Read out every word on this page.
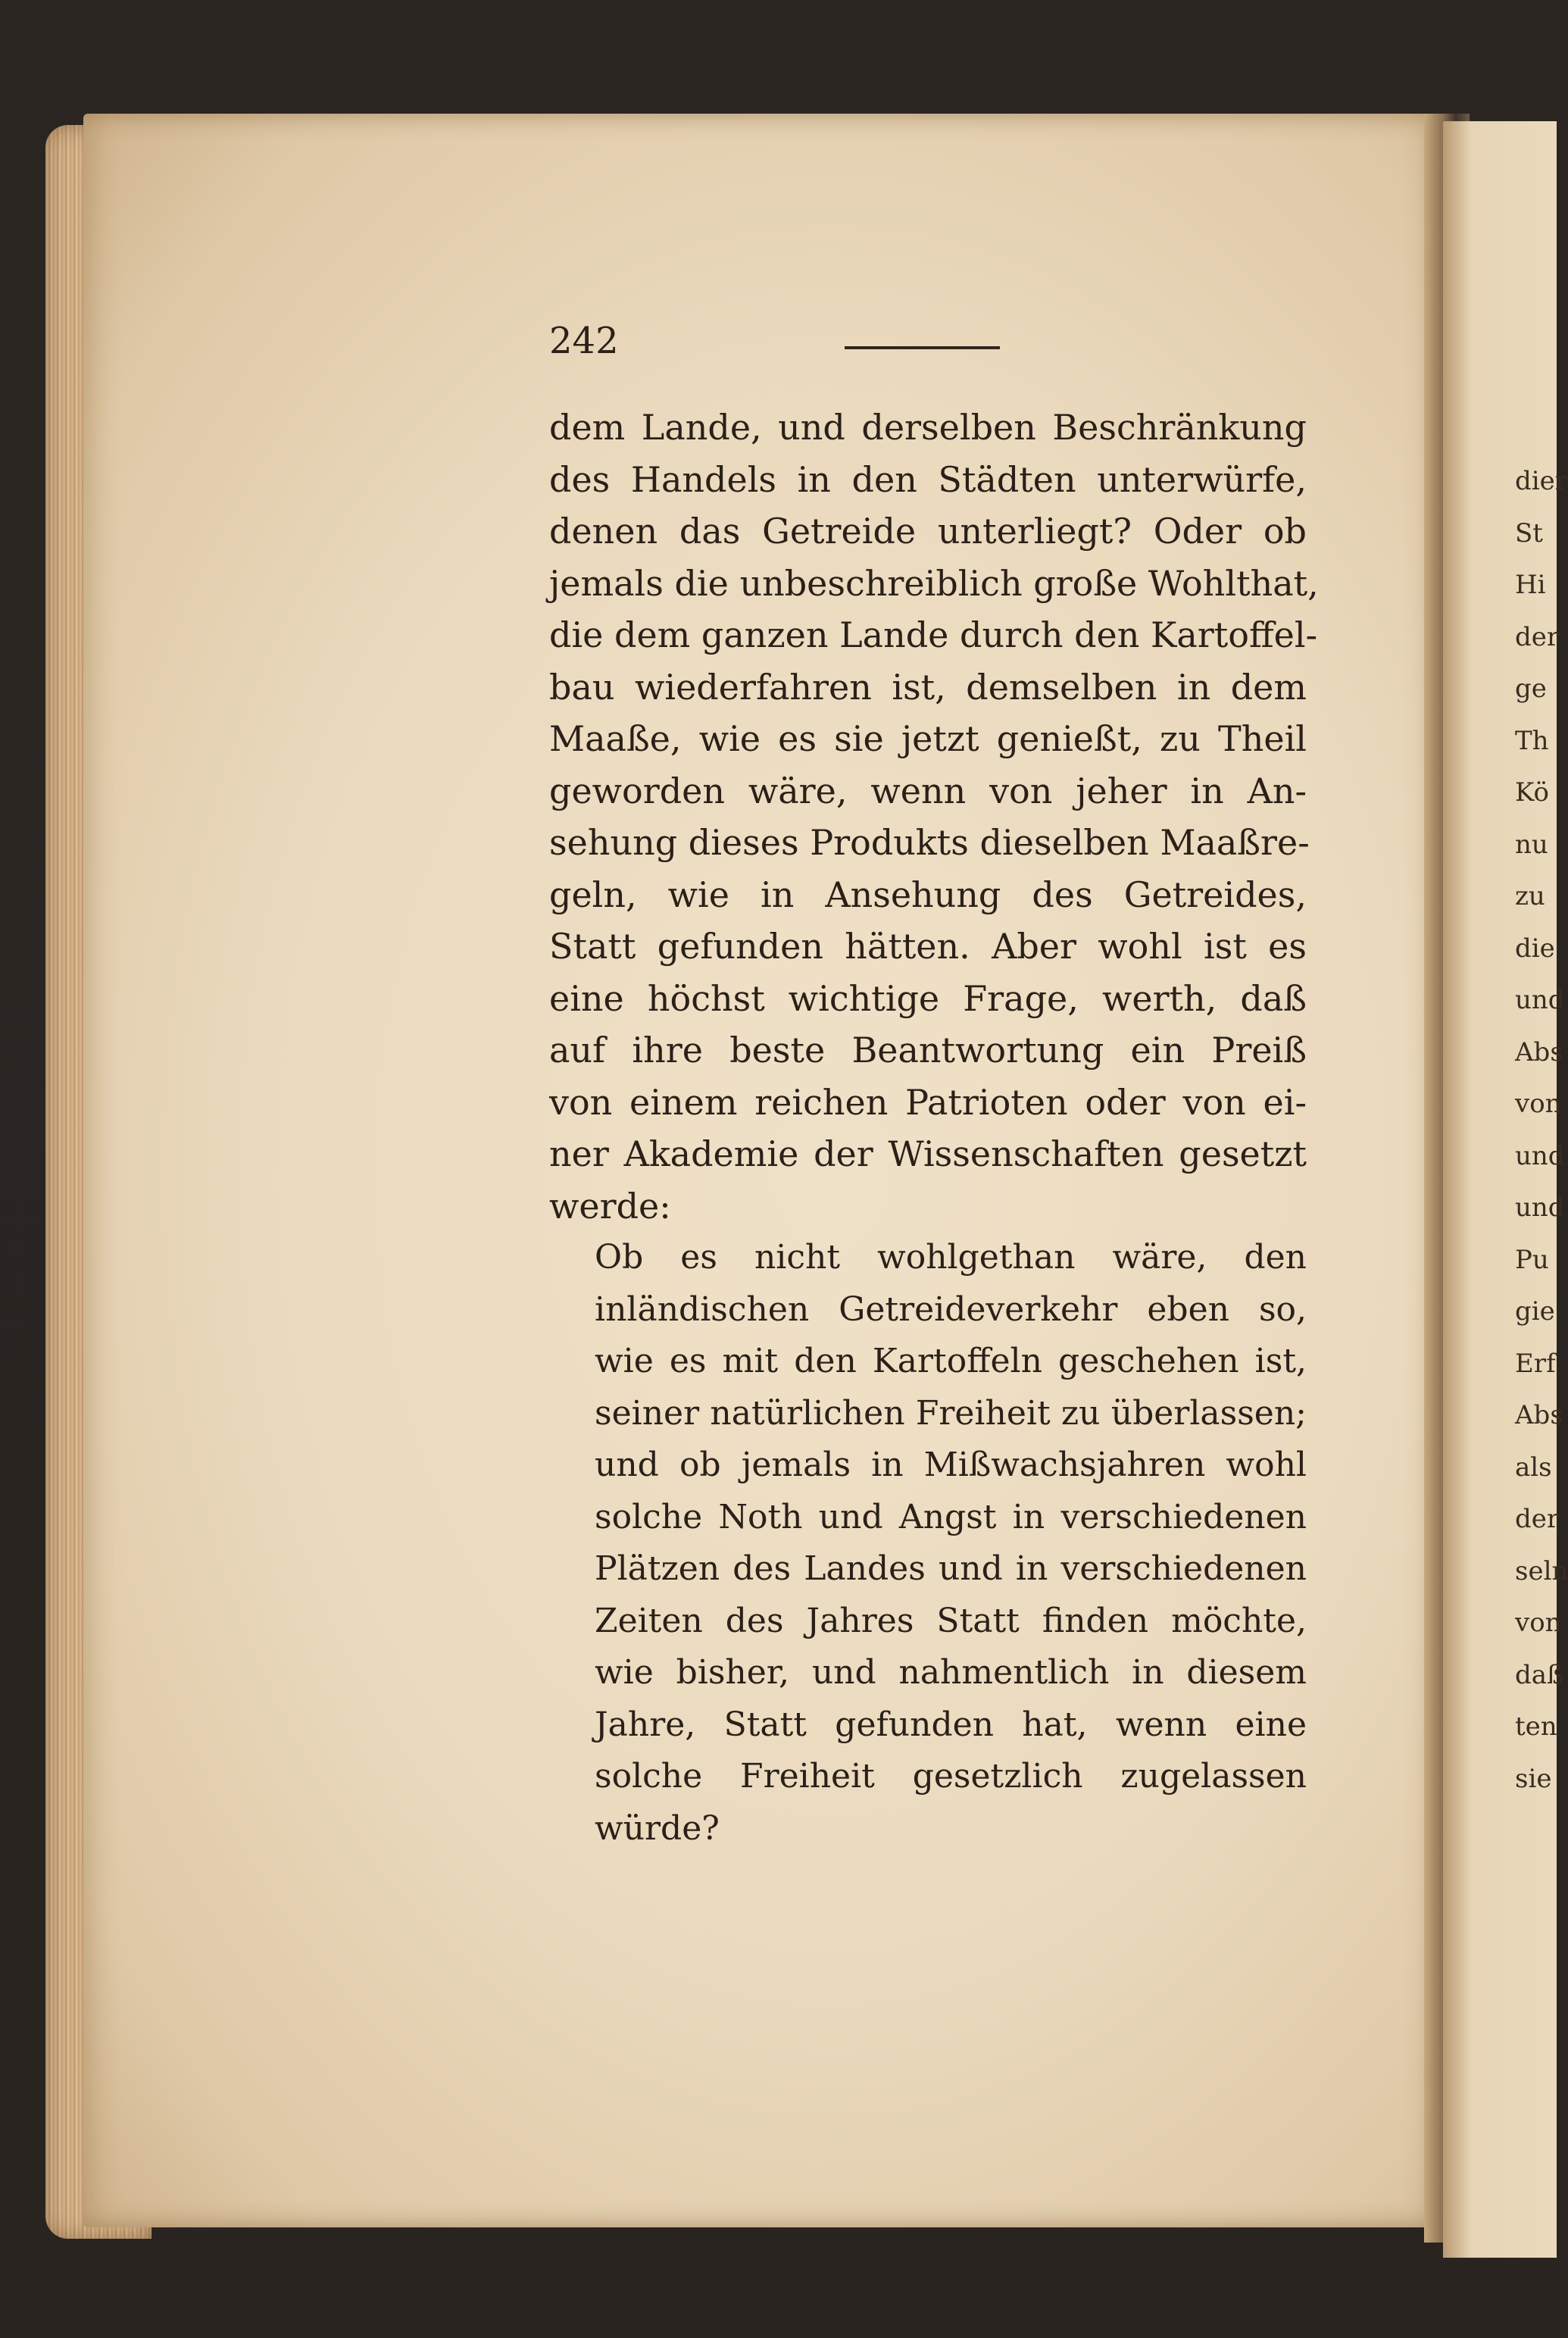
dier
St
Hi
der
ge
Th
Kö
nu
zu
die
und
Abs
von
und
und
Pu
gie
Erf
Abs
als
der
seln
von
daß
ten
sie
242
dem Lande, und derselben Beschränkung
des Handels in den Städten unterwürfe,
denen das Getreide unterliegt? Oder ob
jemals die unbeschreiblich große Wohlthat,
die dem ganzen Lande durch den Kartoffel-
bau wiederfahren ist, demselben in dem
Maaße, wie es sie jetzt genießt, zu Theil
geworden wäre, wenn von jeher in An-
sehung dieses Produkts dieselben Maaßre-
geln, wie in Ansehung des Getreides,
Statt gefunden hätten. Aber wohl ist es
eine höchst wichtige Frage, werth, daß
auf ihre beste Beantwortung ein Preiß
von einem reichen Patrioten oder von ei-
ner Akademie der Wissenschaften gesetzt
werde:
Ob es nicht wohlgethan wäre, den
inländischen Getreideverkehr eben so,
wie es mit den Kartoffeln geschehen ist,
seiner natürlichen Freiheit zu überlassen;
und ob jemals in Mißwachsjahren wohl
solche Noth und Angst in verschiedenen
Plätzen des Landes und in verschiedenen
Zeiten des Jahres Statt finden möchte,
wie bisher, und nahmentlich in diesem
Jahre, Statt gefunden hat, wenn eine
solche Freiheit gesetzlich zugelassen
würde?
